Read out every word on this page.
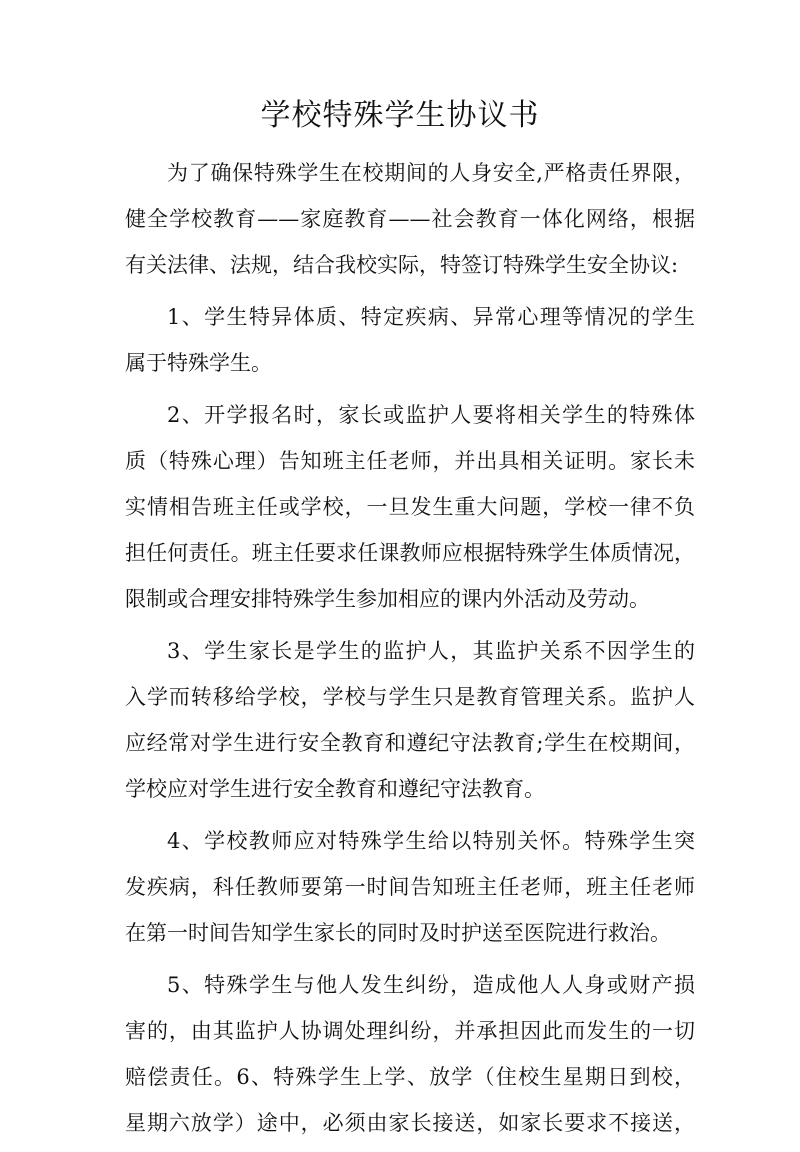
学校特殊学生协议书
为了确保特殊学生在校期间的人身安全,严格责任界限，
健全学校教育——家庭教育——社会教育一体化网络，根据
有关法律、法规，结合我校实际，特签订特殊学生安全协议:
1、学生特异体质、特定疾病、异常心理等情况的学生
属于特殊学生。
2、开学报名时，家长或监护人要将相关学生的特殊体
质（特殊心理）告知班主任老师，并出具相关证明。家长未
实情相告班主任或学校，一旦发生重大问题，学校一律不负
担任何责任。班主任要求任课教师应根据特殊学生体质情况，
限制或合理安排特殊学生参加相应的课内外活动及劳动。
3、学生家长是学生的监护人，其监护关系不因学生的
入学而转移给学校，学校与学生只是教育管理关系。监护人
应经常对学生进行安全教育和遵纪守法教育;学生在校期间，
学校应对学生进行安全教育和遵纪守法教育。
4、学校教师应对特殊学生给以特别关怀。特殊学生突
发疾病，科任教师要第一时间告知班主任老师，班主任老师
在第一时间告知学生家长的同时及时护送至医院进行救治。
5、特殊学生与他人发生纠纷，造成他人人身或财产损
害的，由其监护人协调处理纠纷，并承担因此而发生的一切
赔偿责任。6、特殊学生上学、放学（住校生星期日到校，
星期六放学）途中，必须由家长接送，如家长要求不接送，
